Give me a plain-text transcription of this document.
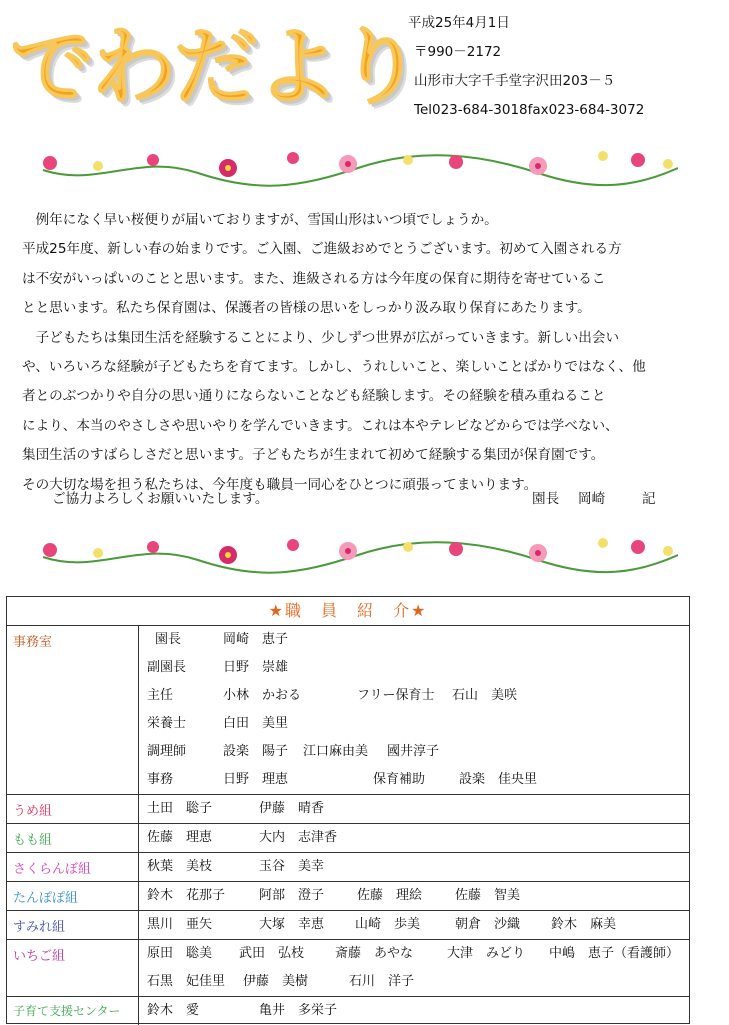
でわだより
平成25年4月1日
〒990－2172
山形市大字千手堂字沢田203－５
Tel023-684-3018fax023-684-3072

　例年になく早い桜便りが届いておりますが、雪国山形はいつ頃でしょうか。

平成25年度、新しい春の始まりです。ご入園、ご進級おめでとうございます。初めて入園される方

は不安がいっぱいのことと思います。また、進級される方は今年度の保育に期待を寄せているこ

とと思います。私たち保育園は、保護者の皆様の思いをしっかり汲み取り保育にあたります。

　子どもたちは集団生活を経験することにより、少しずつ世界が広がっていきます。新しい出会い

や、いろいろな経験が子どもたちを育てます。しかし、うれしいこと、楽しいことばかりではなく、他

者とのぶつかりや自分の思い通りにならないことなども経験します。その経験を積み重ねること

により、本当のやさしさや思いやりを学んでいきます。これは本やテレビなどからでは学べない、

集団生活のすばらしさだと思います。子どもたちが生まれて初めて経験する集団が保育園です。

その大切な場を担う私たちは、今年度も職員一同心をひとつに頑張ってまいります。

ご協力よろしくお願いいたします。	園長 岡崎	記
★職　員　紹　介★
事務室	園長	岡崎　恵子
副園長	日野　崇雄
主任	小林　かおる	フリー保育士 石山　美咲
栄養士	白田　美里
調理師	設楽　陽子 江口麻由美 國井淳子
事務	日野　理恵	保育補助	設楽　佳央里
うめ組	土田　聡子	伊藤　晴香
もも組	佐藤　理恵	大内　志津香
さくらんぼ組	秋葉　美枝	玉谷　美幸
たんぽぽ組	鈴木　花那子	阿部　澄子	佐藤　理絵	佐藤　智美
すみれ組	黒川　亜矢	大塚　幸恵 山崎　歩美	朝倉　沙織 鈴木　麻美
いちご組	原田　聡美 武田　弘枝 斎藤　あやな	大津　みどり 中嶋　恵子（看護師）
石黒　妃佳里 伊藤　美樹	石川　洋子
子育て支援センター	鈴木　愛	亀井　多栄子
